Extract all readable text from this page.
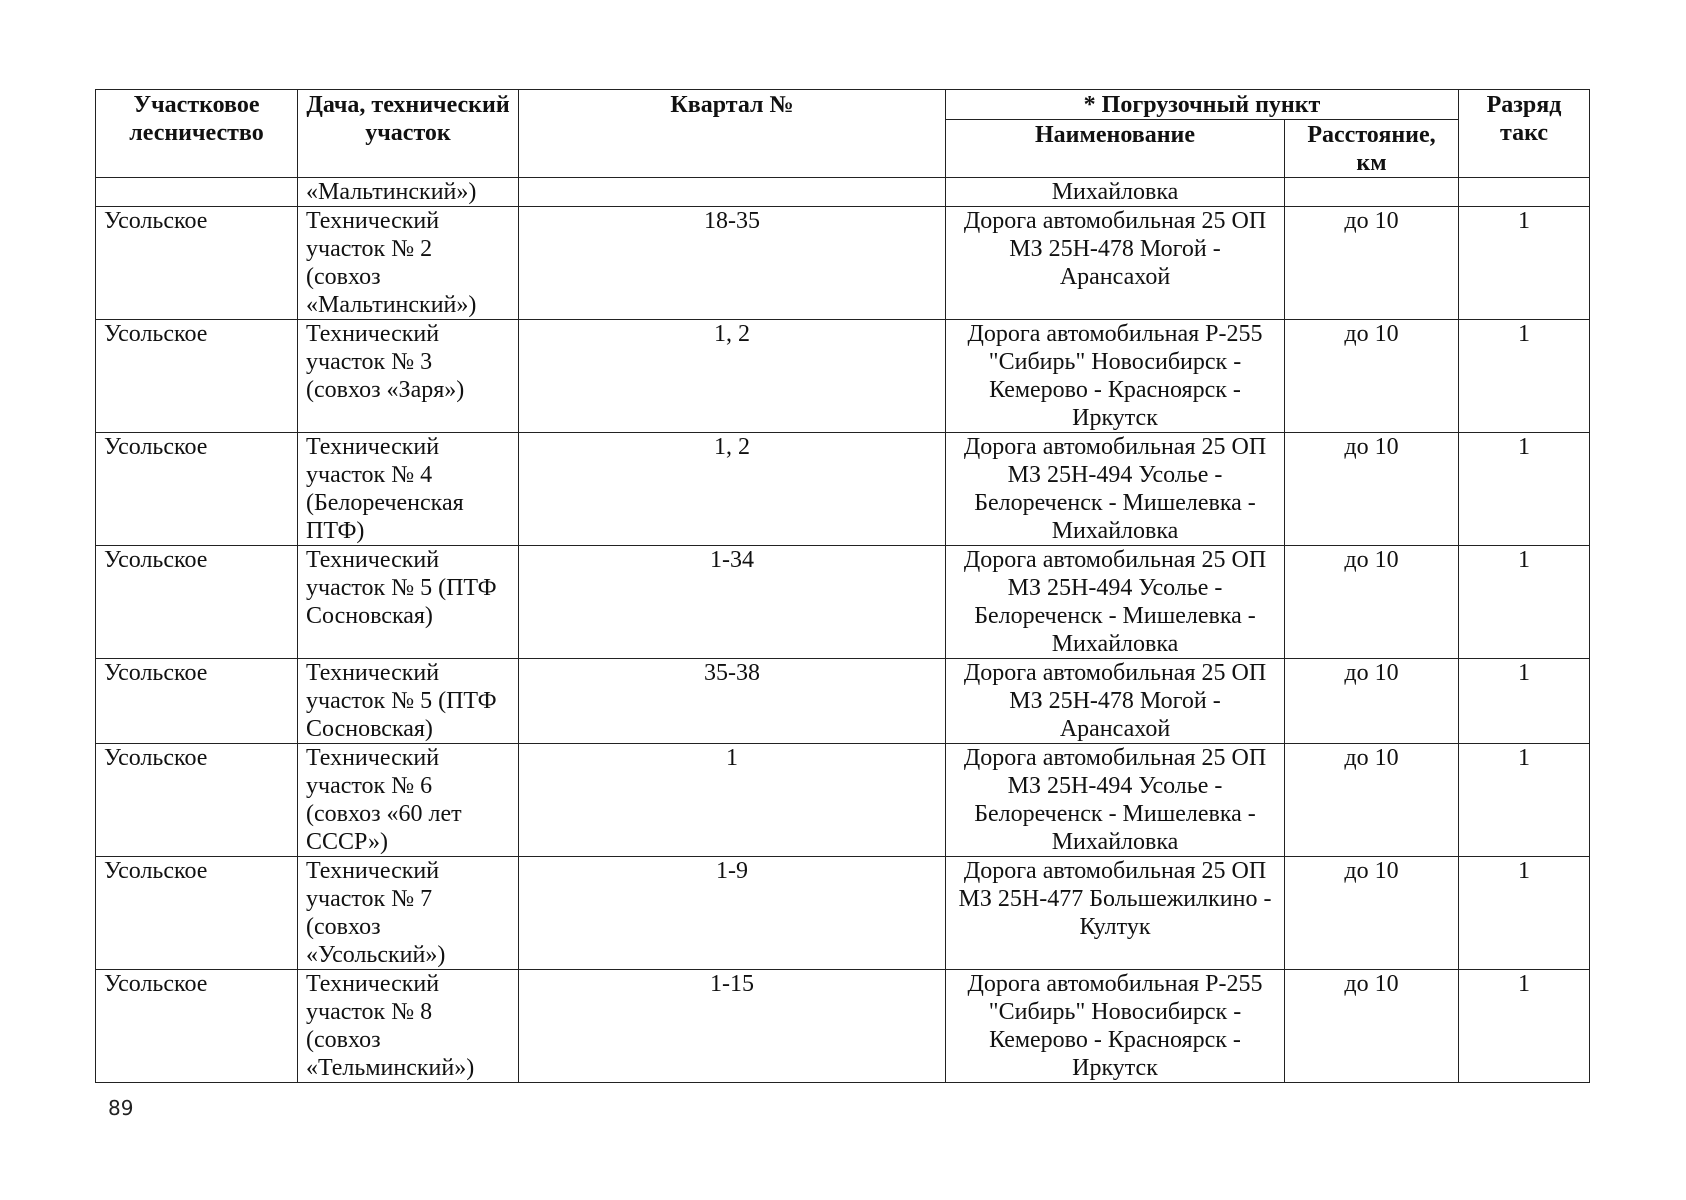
Участковое лесничество	Дача, технический участок	Квартал №	* Погрузочный пункт		Разряд такс
			Наименование	Расстояние, км	
	«Мальтинский»)		Михайловка		
Усольское	Технический участок № 2 (совхоз «Мальтинский»)	18-35	Дорога автомобильная 25 ОП МЗ 25Н-478 Могой - Арансахой	до 10	1
Усольское	Технический участок № 3 (совхоз «Заря»)	1, 2	Дорога автомобильная Р-255 "Сибирь" Новосибирск - Кемерово - Красноярск - Иркутск	до 10	1
Усольское	Технический участок № 4 (Белореченская ПТФ)	1, 2	Дорога автомобильная 25 ОП МЗ 25Н-494 Усолье - Белореченск - Мишелевка - Михайловка	до 10	1
Усольское	Технический участок № 5 (ПТФ Сосновская)	1-34	Дорога автомобильная 25 ОП МЗ 25Н-494 Усолье - Белореченск - Мишелевка - Михайловка	до 10	1
Усольское	Технический участок № 5 (ПТФ Сосновская)	35-38	Дорога автомобильная 25 ОП МЗ 25Н-478 Могой - Арансахой	до 10	1
Усольское	Технический участок № 6 (совхоз «60 лет СССР»)	1	Дорога автомобильная 25 ОП МЗ 25Н-494 Усолье - Белореченск - Мишелевка - Михайловка	до 10	1
Усольское	Технический участок № 7 (совхоз «Усольский»)	1-9	Дорога автомобильная 25 ОП МЗ 25Н-477 Большежилкино - Култук	до 10	1
Усольское	Технический участок № 8 (совхоз «Тельминский»)	1-15	Дорога автомобильная Р-255 "Сибирь" Новосибирск - Кемерово - Красноярск - Иркутск	до 10	1
89
